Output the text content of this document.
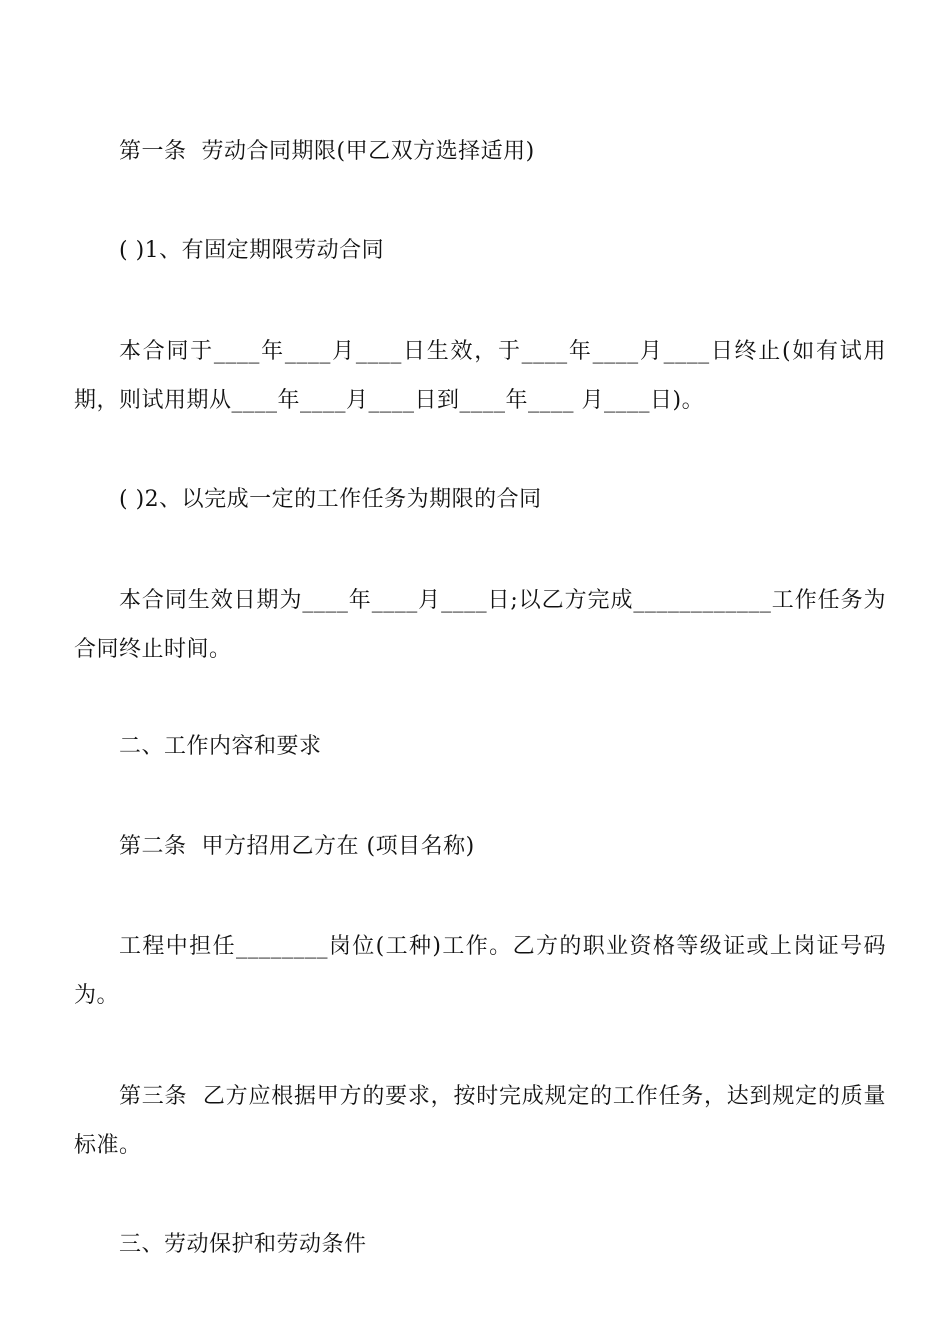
第一条  劳动合同期限(甲乙双方选择适用)

( )1、有固定期限劳动合同

本合同于____年____月____日生效，于____年____月____日终止(如有试用期，则试用期从____年____月____日到____年____ 月____日)。

( )2、以完成一定的工作任务为期限的合同

本合同生效日期为____年____月____日;以乙方完成____________工作任务为合同终止时间。

二、工作内容和要求

第二条  甲方招用乙方在 (项目名称)

工程中担任________岗位(工种)工作。乙方的职业资格等级证或上岗证号码为。

第三条  乙方应根据甲方的要求，按时完成规定的工作任务，达到规定的质量标准。

三、劳动保护和劳动条件
